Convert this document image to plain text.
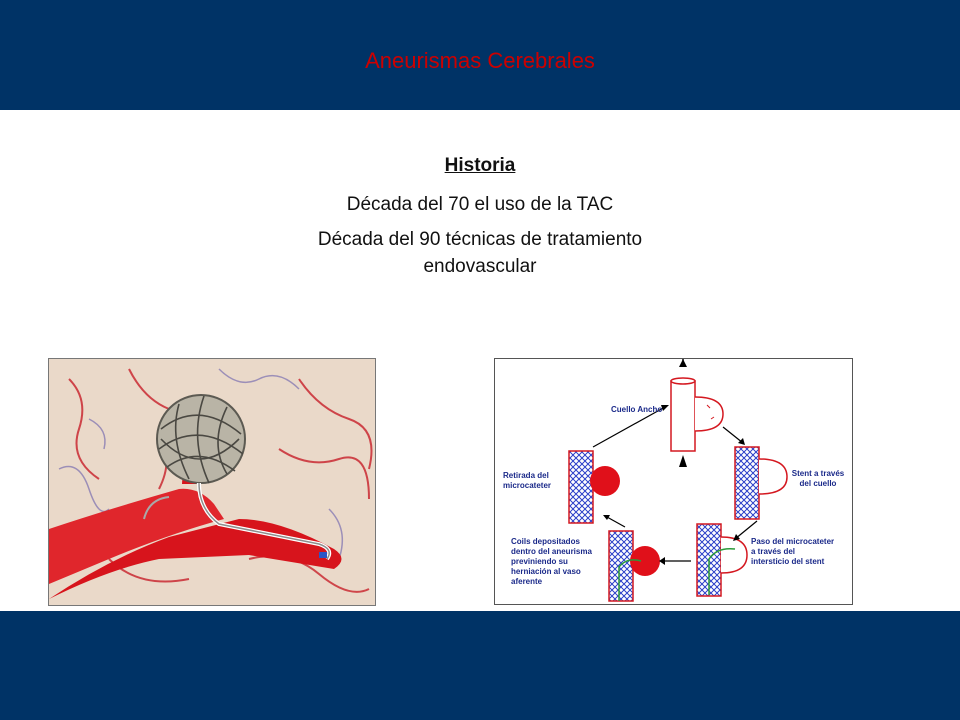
Aneurismas Cerebrales
Historia
Década del 70 el uso de la TAC
Década del 90 técnicas de tratamiento endovascular
Cuello Ancho
Stent a través del cuello
Paso del microcateter a través del intersticio del stent
Coils depositados dentro del aneurisma previniendo su herniación al vaso aferente
Retirada del microcateter
